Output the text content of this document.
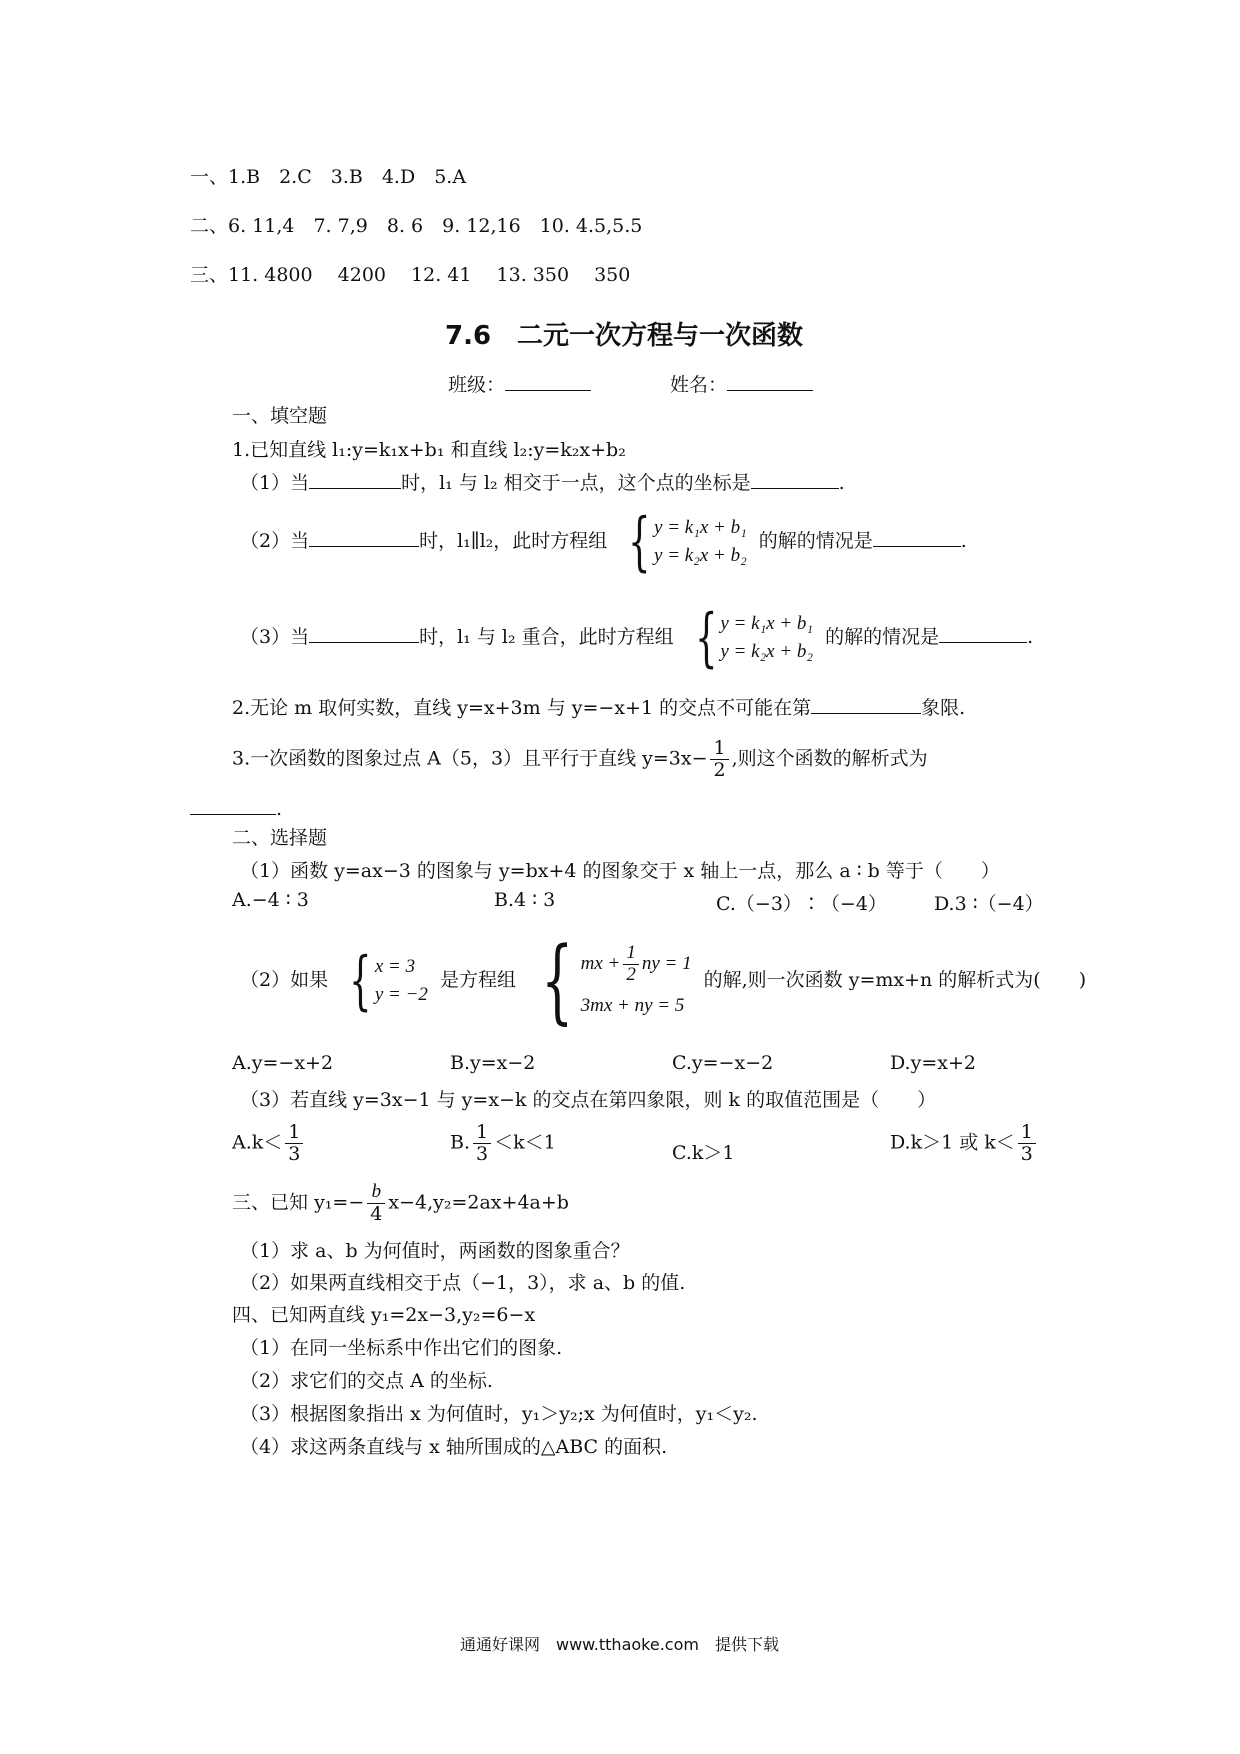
一、1.B　2.C　3.B　4.D　5.A
二、6. 11,4　7. 7,9　8. 6　9. 12,16　10. 4.5,5.5
三、11. 4800　 4200　 12. 41　 13. 350　 350
7.6　二元一次方程与一次函数
班级：	姓名：
一、填空题
1.已知直线 l₁:y=k₁x+b₁ 和直线 l₂:y=k₂x+b₂
（1）当	时，l₁ 与 l₂ 相交于一点，这个点的坐标是	.
（2）当	时，l₁∥l₂，此时方程组 { y = k₁x + b₁
y = k₂x + b₂
的解的情况是	.
（3）当	时，l₁ 与 l₂ 重合，此时方程组 { y = k₁x + b₁
y = k₂x + b₂
的解的情况是	.
2.无论 m 取何实数，直线 y=x+3m 与 y=−x+1 的交点不可能在第	象限.
3.一次函数的图象过点 A（5，3）且平行于直线 $y=3x- \frac{1}{2}$ ,则这个函数的解析式为
.
二、选择题
（1）函数 y=ax−3 的图象与 y=bx+4 的图象交于 x 轴上一点，那么 a ∶ b 等于（　　）
A.−4 ∶ 3	B.4 ∶ 3	C.（−3）∶（−4） D.3 ∶（−4）
（2）如果 { x = 3
y = −2
是方程组 { mx + $\frac{1}{2}$ ny = 1
3mx + ny = 5
的解,则一次函数 y=mx+n 的解析式为(　　)
A.y=−x+2	B.y=x−2	C.y=−x−2	D.y=x+2
（3）若直线 y=3x−1 与 y=x−k 的交点在第四象限，则 k 的取值范围是（　　）
$A.k< \frac{1}{3}$	B. $\frac{1}{3} <k<1$	C.k＞1	D.k＞1 或 $k< \frac{1}{3}$
三、已知 $y_1=- \frac{b}{4} x-4,y_2=2ax+4a+b$
（1）求 a、b 为何值时，两函数的图象重合？
（2）如果两直线相交于点（−1，3），求 a、b 的值.
四、已知两直线 y₁=2x−3,y₂=6−x
（1）在同一坐标系中作出它们的图象.
（2）求它们的交点 A 的坐标.
（3）根据图象指出 x 为何值时，y₁＞y₂;x 为何值时，y₁＜y₂.
（4）求这两条直线与 x 轴所围成的△ABC 的面积.
通通好课网　www.tthaoke.com　提供下载
